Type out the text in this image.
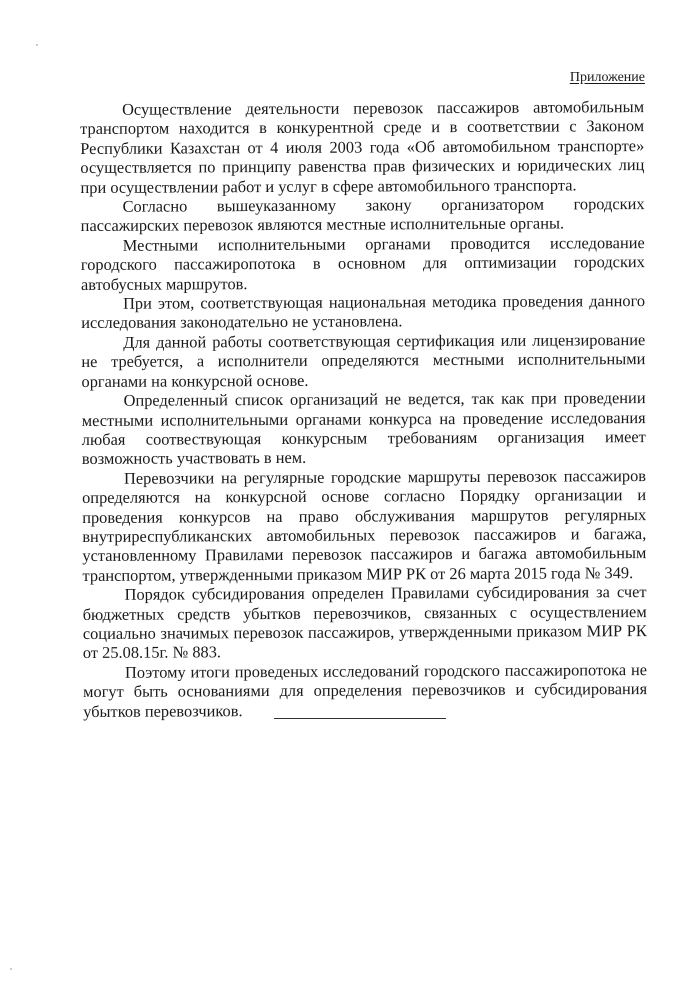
Приложение

Осуществление деятельности перевозок пассажиров автомобильным транспортом находится в конкурентной среде и в соответствии с Законом Республики Казахстан от 4 июля 2003 года «Об автомобильном транспорте» осуществляется по принципу равенства прав физических и юридических лиц при осуществлении работ и услуг в сфере автомобильного транспорта.

Согласно вышеуказанному закону организатором городских пассажирских перевозок являются местные исполнительные органы.

Местными исполнительными органами проводится исследование городского пассажиропотока в основном для оптимизации городских автобусных маршрутов.

При этом, соответствующая национальная методика проведения данного исследования законодательно не установлена.

Для данной работы соответствующая сертификация или лицензирование не требуется, а исполнители определяются местными исполнительными органами на конкурсной основе.

Определенный список организаций не ведется, так как при проведении местными исполнительными органами конкурса на проведение исследования любая соотвествующая конкурсным требованиям организация имеет возможность участвовать в нем.

Перевозчики на регулярные городские маршруты перевозок пассажиров определяются на конкурсной основе согласно Порядку организации и проведения конкурсов на право обслуживания маршрутов регулярных внутриреспубликанских автомобильных перевозок пассажиров и багажа, установленному Правилами перевозок пассажиров и багажа автомобильным транспортом, утвержденными приказом МИР РК от 26 марта 2015 года № 349.

Порядок субсидирования определен Правилами субсидирования за счет бюджетных средств убытков перевозчиков, связанных с осуществлением социально значимых перевозок пассажиров, утвержденными приказом МИР РК от 25.08.15г. № 883.

Поэтому итоги проведеных исследований городского пассажиропотока не могут быть основаниями для определения перевозчиков и субсидирования убытков перевозчиков.
